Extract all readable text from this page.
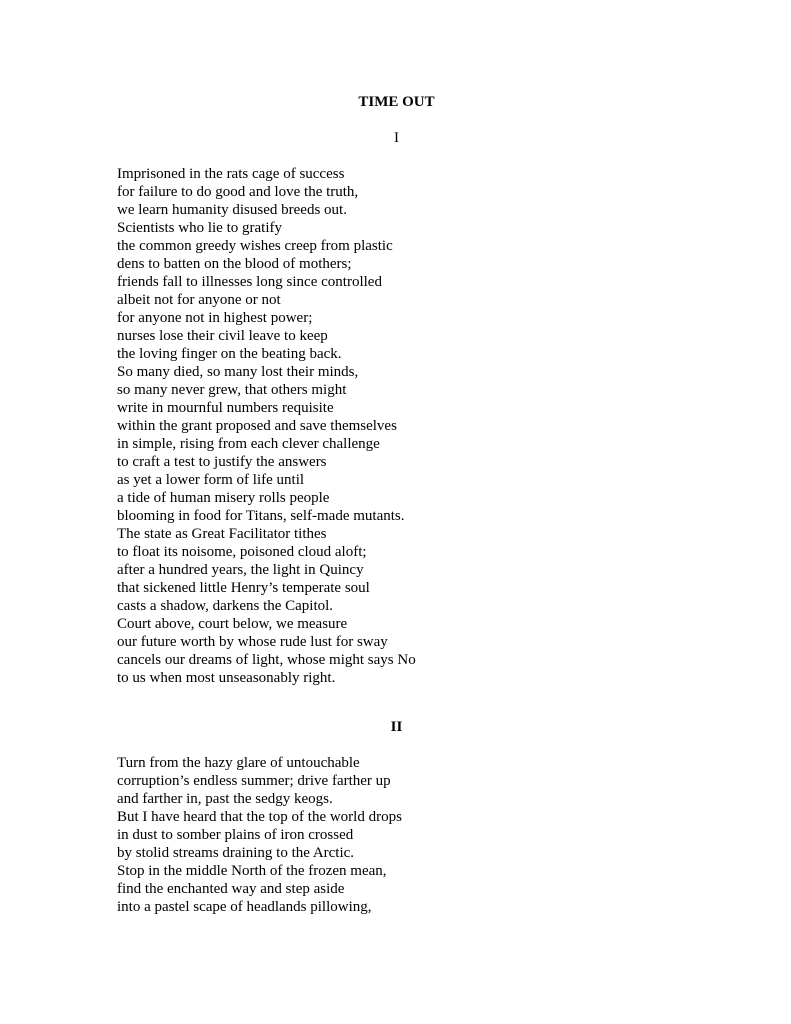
TIME OUT
I
Imprisoned in the rats cage of success
for failure to do good and love the truth,
we learn humanity disused breeds out.
Scientists who lie to gratify
the common greedy wishes creep from plastic
dens to batten on the blood of mothers;
friends fall to illnesses long since controlled
albeit not for anyone or not
for anyone not in highest power;
nurses lose their civil leave to keep
the loving finger on the beating back.
So many died, so many lost their minds,
so many never grew, that others might
write in mournful numbers requisite
within the grant proposed and save themselves
in simple, rising from each clever challenge
to craft a test to justify the answers
as yet a lower form of life until
a tide of human misery rolls people
blooming in food for Titans, self-made mutants.
The state as Great Facilitator tithes
to float its noisome, poisoned cloud aloft;
after a hundred years, the light in Quincy
that sickened little Henry’s temperate soul
casts a shadow, darkens the Capitol.
Court above, court below, we measure
our future worth by whose rude lust for sway
cancels our dreams of light, whose might says No
to us when most unseasonably right.
II
Turn from the hazy glare of untouchable
corruption’s endless summer; drive farther up
and farther in, past the sedgy keogs.
But I have heard that the top of the world drops
in dust to somber plains of iron crossed
by stolid streams draining to the Arctic.
Stop in the middle North of the frozen mean,
find the enchanted way and step aside
into a pastel scape of headlands pillowing,
